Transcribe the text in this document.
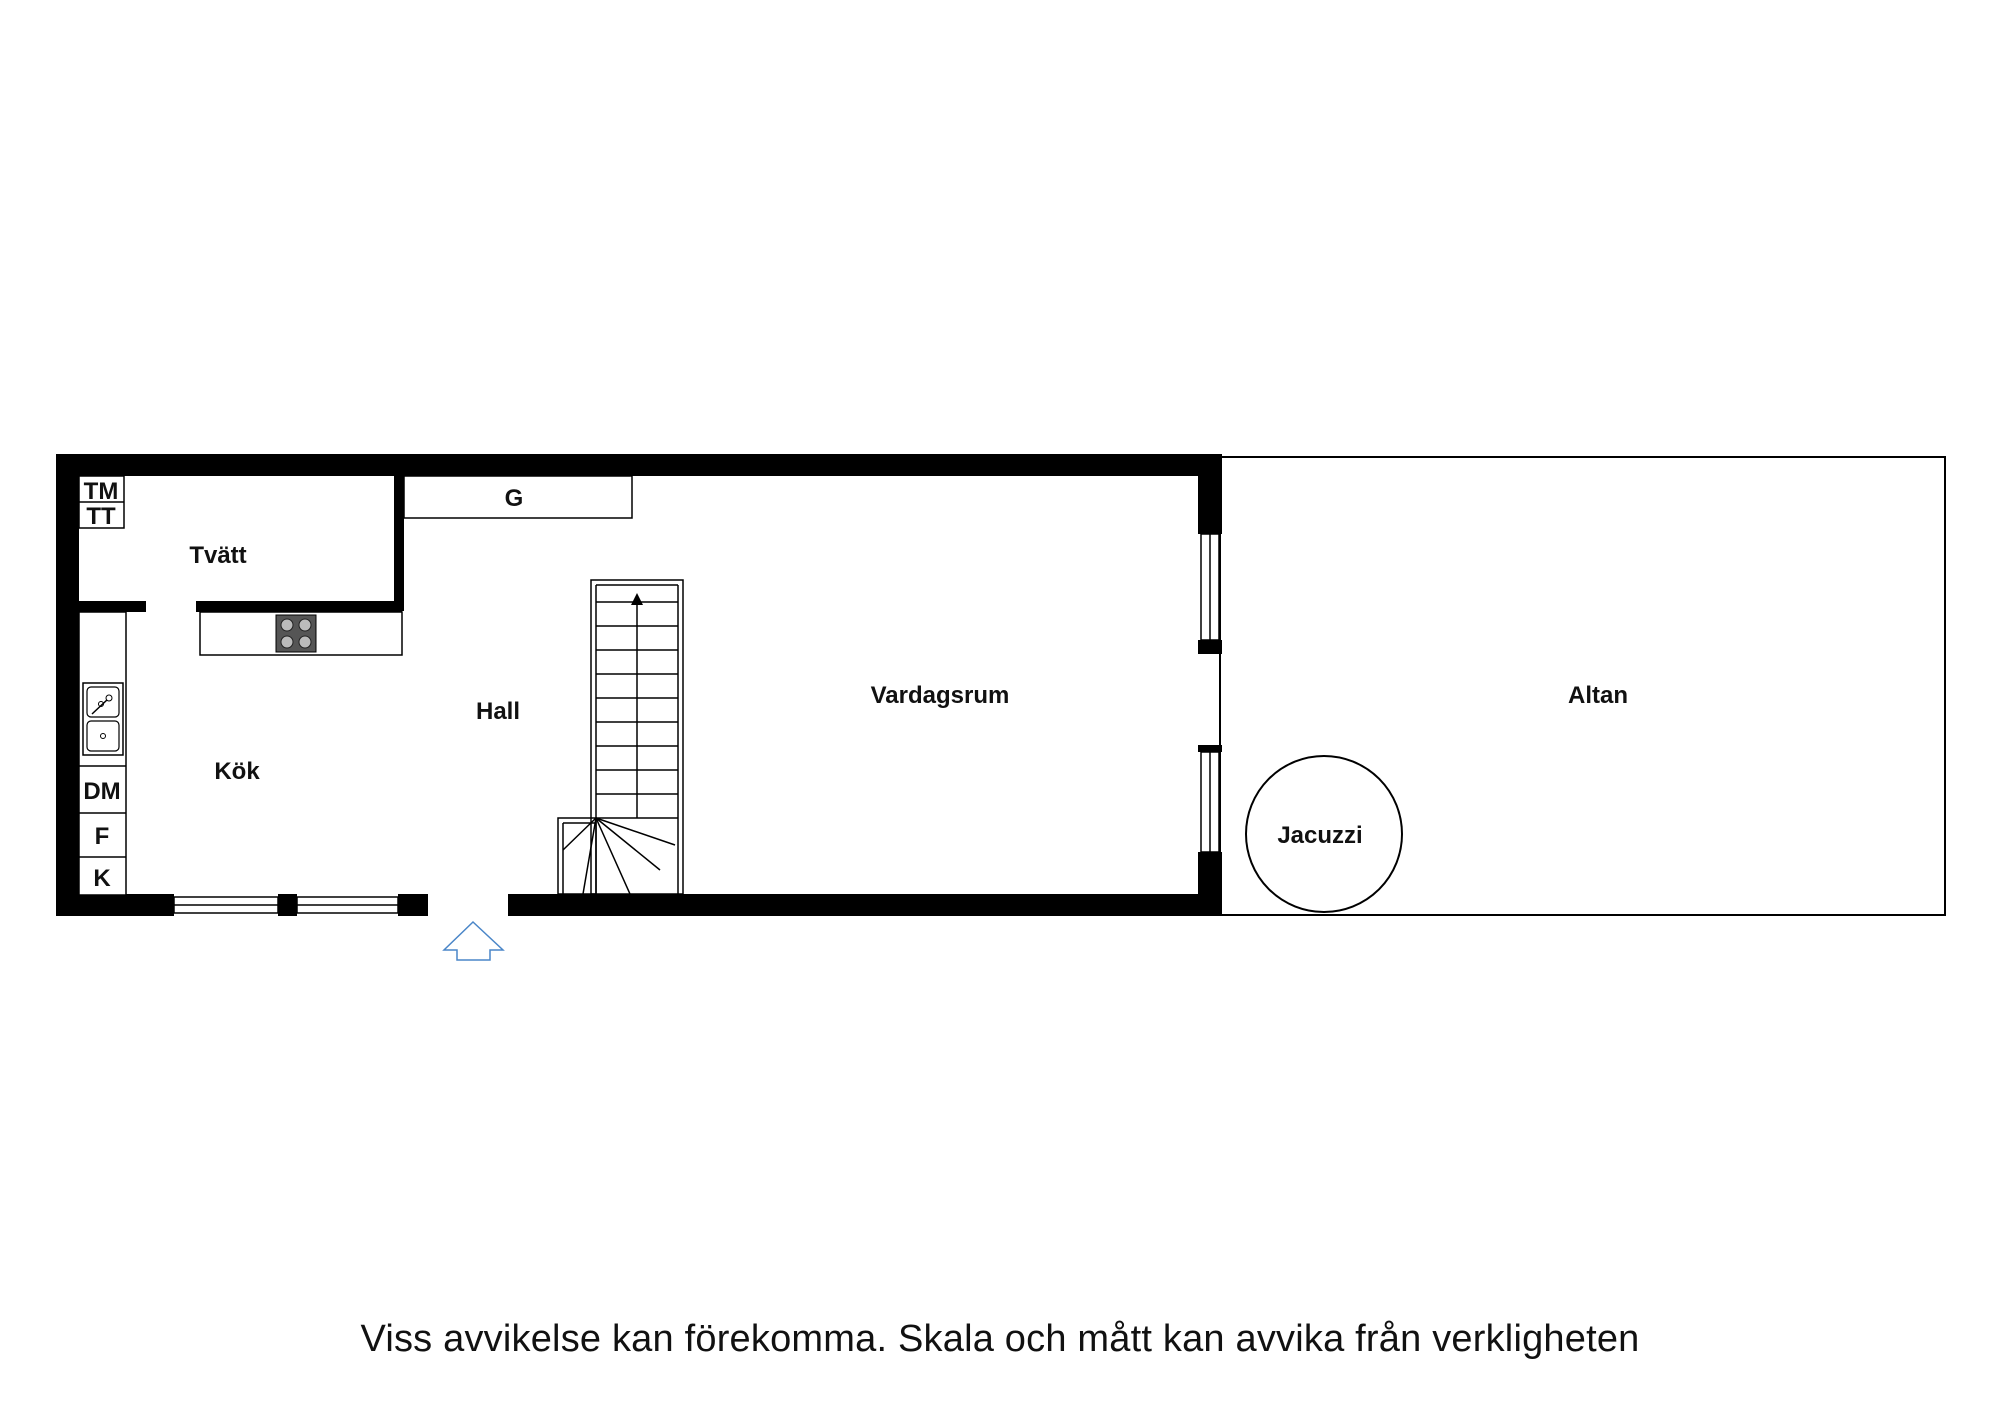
G
TM
TT
DM
F
K
Tvätt
Kök
Hall
Vardagsrum	Altan
Jacuzzi
Viss avvikelse kan förekomma. Skala och mått kan avvika från verkligheten
